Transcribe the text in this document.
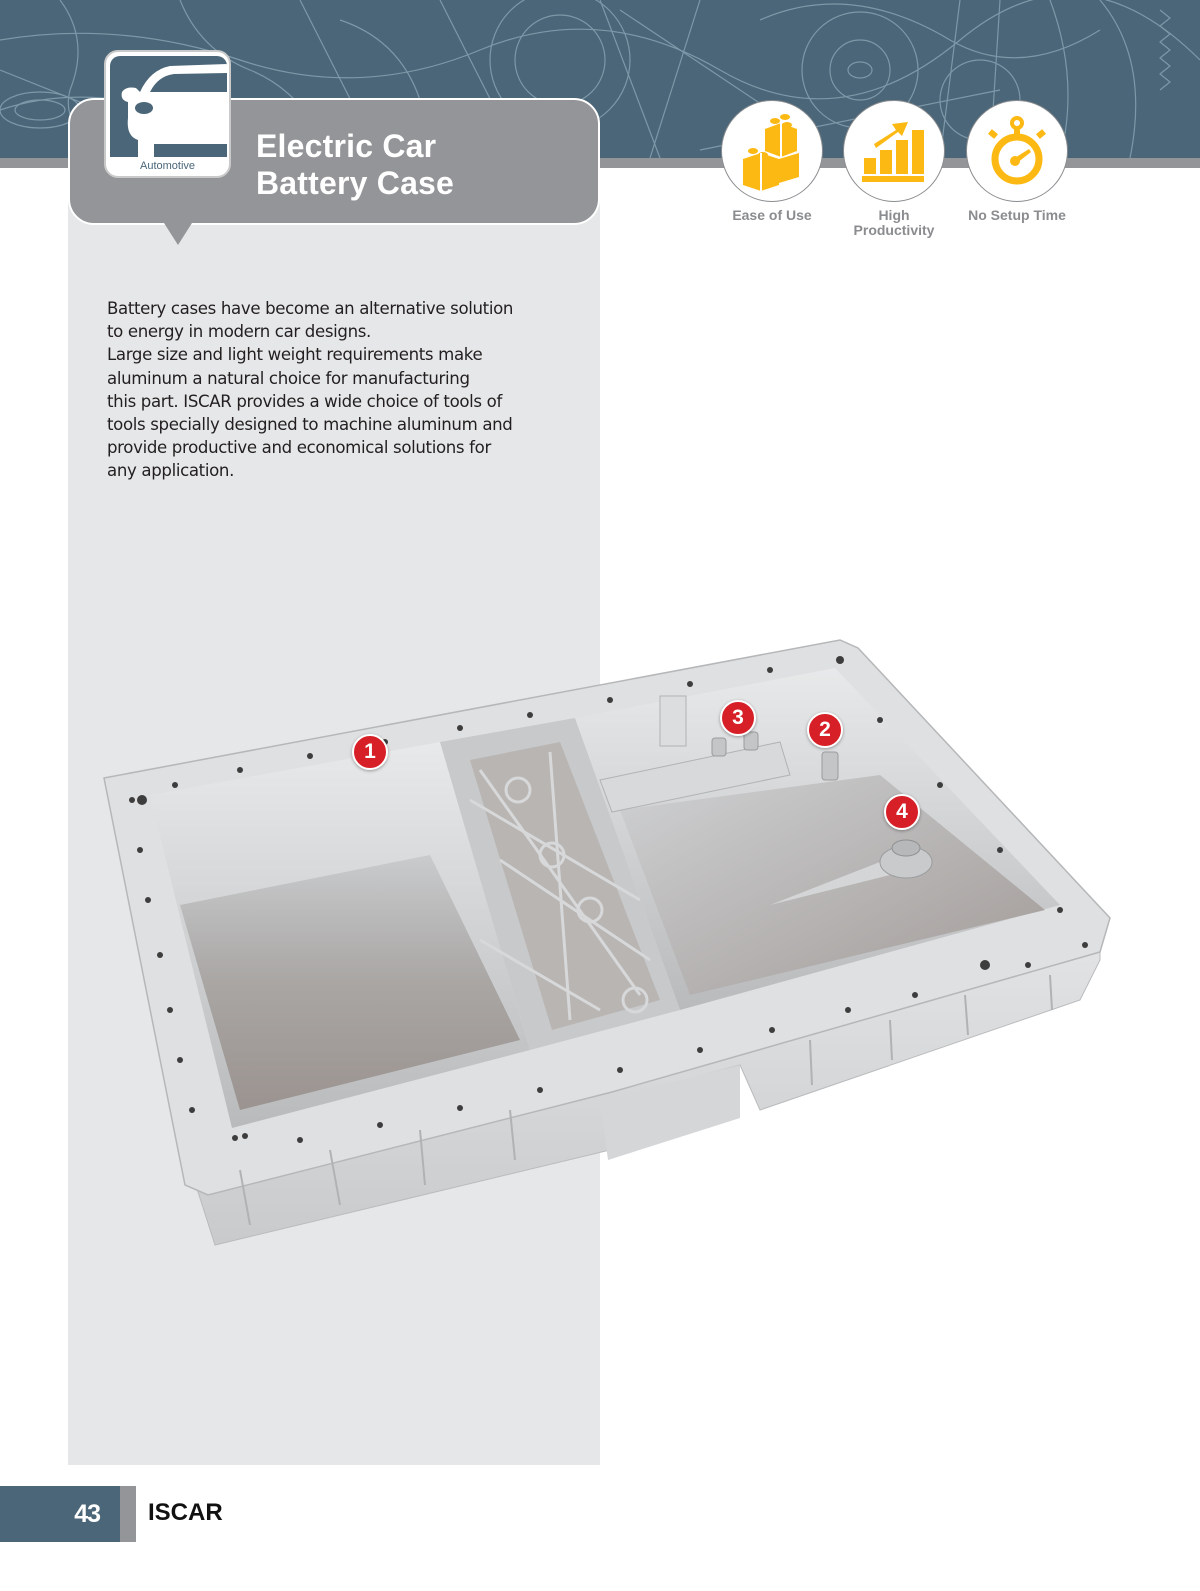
Electric Car
Battery Case
Automotive
Ease of Use	High
Productivity
No Setup Time

Battery cases have become an alternative solution

to energy in modern car designs.

Large size and light weight requirements make

aluminum a natural choice for manufacturing

this part. ISCAR provides a wide choice of tools of

tools specially designed to machine aluminum and

provide productive and economical solutions for

any application.

1
2
3
4
43	ISCAR
